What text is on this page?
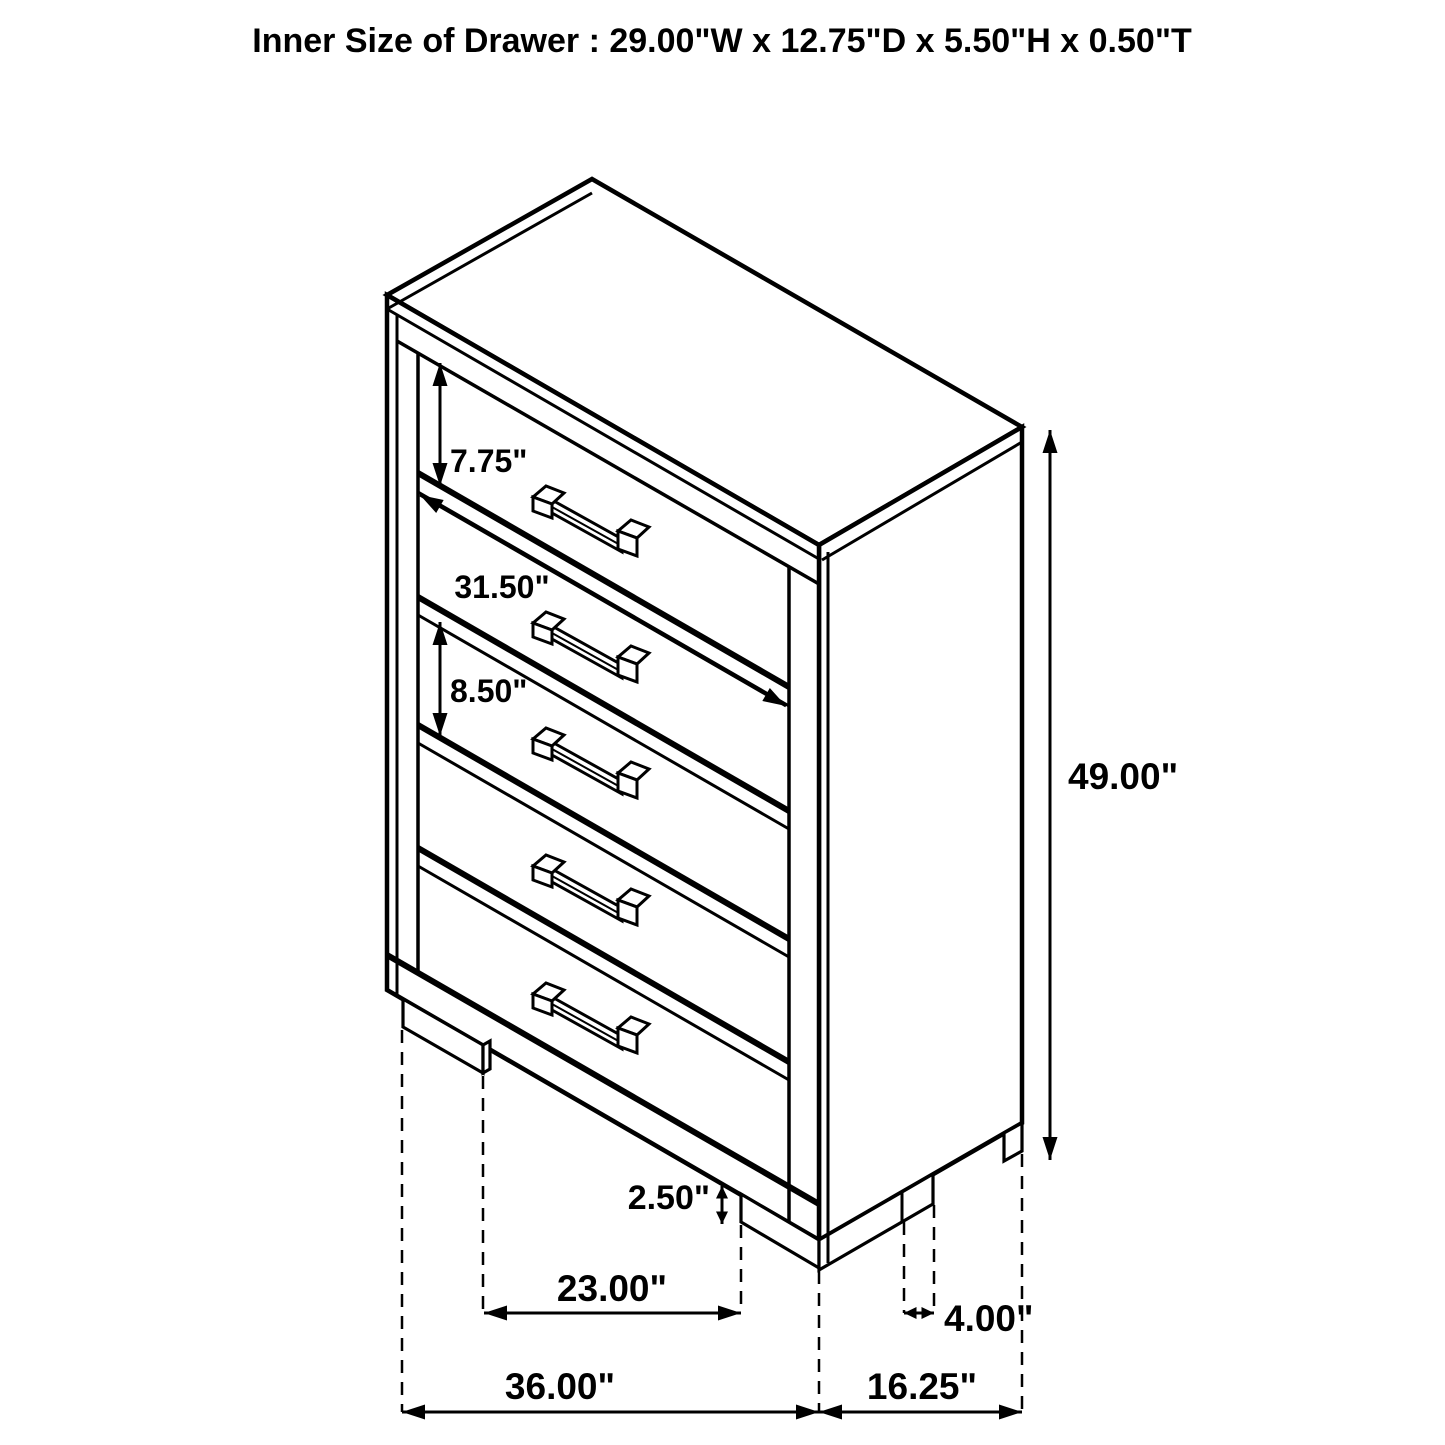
Inner Size of Drawer : 29.00"W x 12.75"D x 5.50"H x 0.50"T
7.75"
31.50"
8.50"
49.00"
2.50"
23.00"
4.00"
36.00"	16.25"
